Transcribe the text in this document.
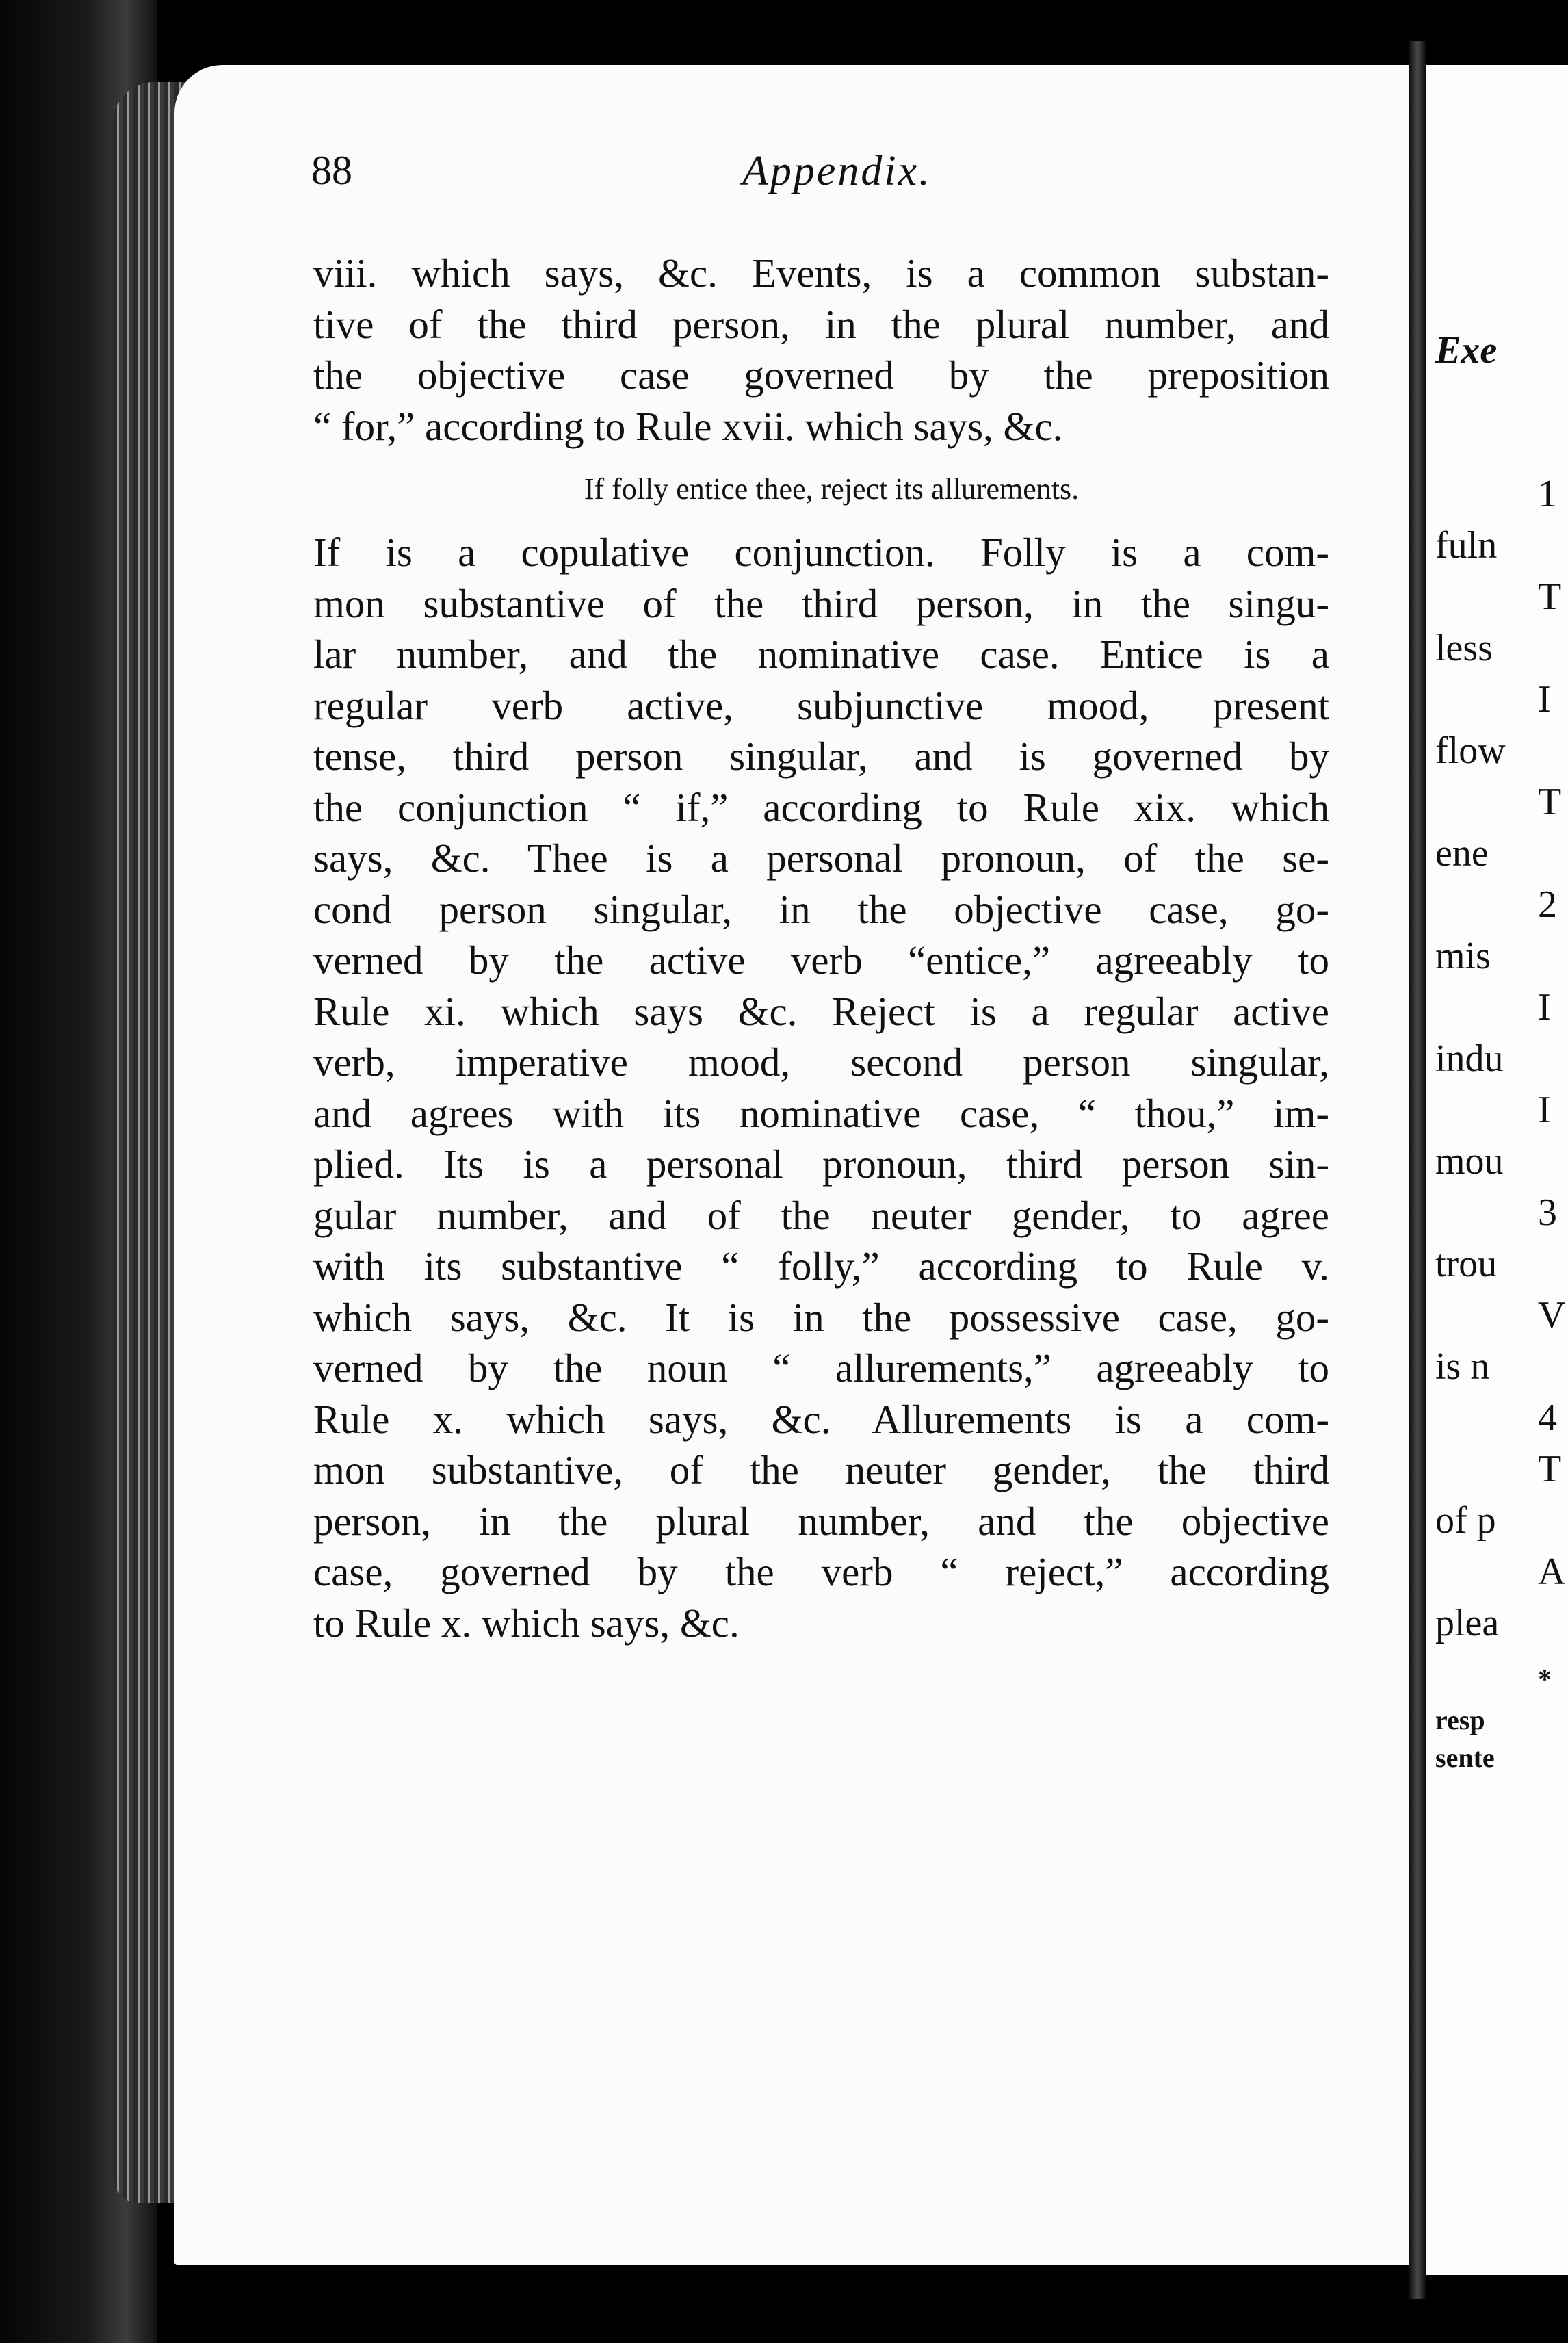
88	Appendix.
viii. which says, &c. Events, is a common substan-
tive of the third person, in the plural number, and
the objective case governed by the preposition
“ for,” according to Rule xvii. which says, &c.
If folly entice thee, reject its allurements.
If is a copulative conjunction. Folly is a com-
mon substantive of the third person, in the singu-
lar number, and the nominative case. Entice is a
regular verb active, subjunctive mood, present
tense, third person singular, and is governed by
the conjunction “ if,” according to Rule xix. which
says, &c. Thee is a personal pronoun, of the se-
cond person singular, in the objective case, go-
verned by the active verb “entice,” agreeably to
Rule xi. which says &c. Reject is a regular active
verb, imperative mood, second person singular,
and agrees with its nominative case, “ thou,” im-
plied. Its is a personal pronoun, third person sin-
gular number, and of the neuter gender, to agree
with its substantive “ folly,” according to Rule v.
which says, &c. It is in the possessive case, go-
verned by the noun “ allurements,” agreeably to
Rule x. which says, &c. Allurements is a com-
mon substantive, of the neuter gender, the third
person, in the plural number, and the objective
case, governed by the verb “ reject,” according
to Rule x. which says, &c.
Exe
1
fuln
T
less
I
flow
T
ene
2
mis
I
indu
I
mou
3
trou
V
is n
4
T
of p
A
plea
*
resp
sente
